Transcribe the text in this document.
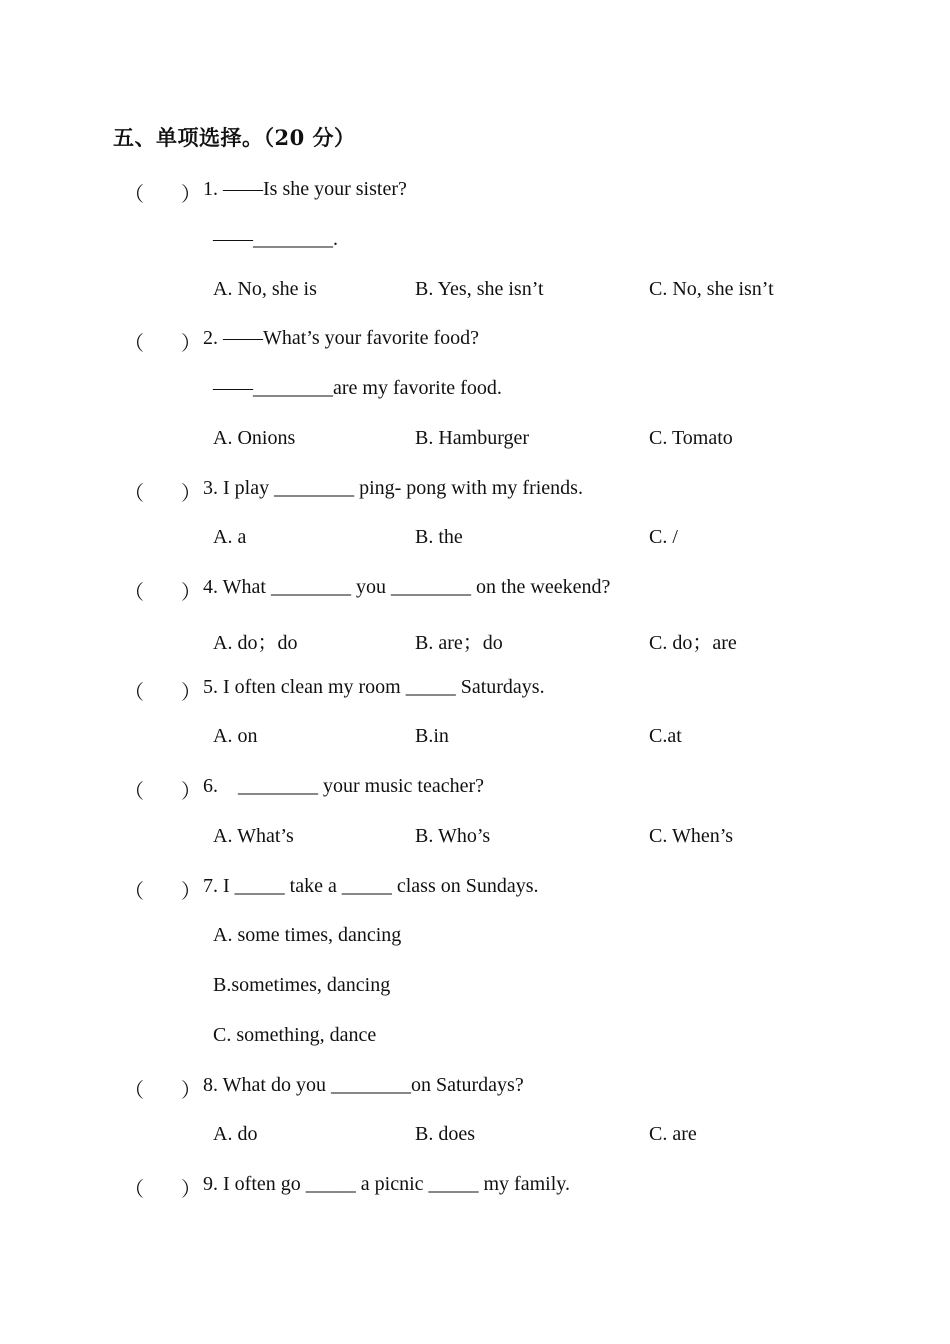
五、单项选择。（20 分）
（ ） 1. ——Is she your sister?
——________.
A. No, she is	B. Yes, she isn’t	C. No, she isn’t
（ ） 2. ——What’s your favorite food?
——________are my favorite food.
A. Onions	B. Hamburger	C. Tomato
（ ） 3. I play ________ ping- pong with my friends.
A. a	B. the	C. /
（ ） 4. What ________ you ________ on the weekend?
A. do；do	B. are；do	C. do；are
（ ） 5. I often clean my room _____ Saturdays.
A. on	B.in	C.at
（ ） 6.    ________ your music teacher?
A. What’s	B. Who’s	C. When’s
（ ） 7. I _____ take a _____ class on Sundays.
A. some times, dancing
B.sometimes, dancing
C. something, dance
（ ） 8. What do you ________on Saturdays?
A. do	B. does	C. are
（ ） 9. I often go _____ a picnic _____ my family.
